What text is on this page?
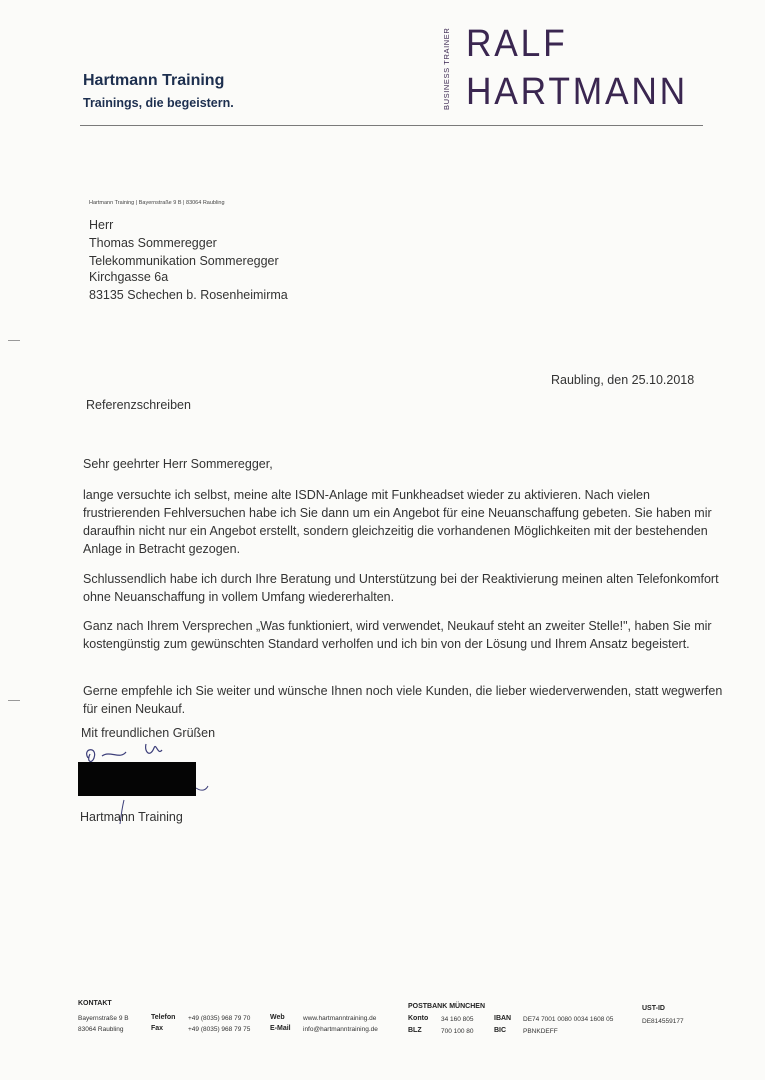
Hartmann Training
Trainings, die begeistern.	BUSINESS TRAINER RALF
HARTMANN
Hartmann Training | Bayernstraße 9 B | 83064 Raubling
Herr
Thomas Sommeregger
Telekommunikation Sommeregger
Kirchgasse 6a
83135 Schechen b. Rosenheimirma
Raubling, den 25.10.2018
Referenzschreiben
Sehr geehrter Herr Sommeregger,
lange versuchte ich selbst, meine alte ISDN-Anlage mit Funkheadset wieder zu aktivieren. Nach vielen frustrierenden Fehlversuchen habe ich Sie dann um ein Angebot für eine Neuanschaffung gebeten. Sie haben mir daraufhin nicht nur ein Angebot erstellt, sondern gleichzeitig die vorhandenen Möglichkeiten mit der bestehenden Anlage in Betracht gezogen.
Schlussendlich habe ich durch Ihre Beratung und Unterstützung bei der Reaktivierung meinen alten Telefonkomfort ohne Neuanschaffung in vollem Umfang wiedererhalten.
Ganz nach Ihrem Versprechen „Was funktioniert, wird verwendet, Neukauf steht an zweiter Stelle!", haben Sie mir kostengünstig zum gewünschten Standard verholfen und ich bin von der Lösung und Ihrem Ansatz begeistert.
Gerne empfehle ich Sie weiter und wünsche Ihnen noch viele Kunden, die lieber wiederverwenden, statt wegwerfen für einen Neukauf.
Mit freundlichen Grüßen
Hartmann Training
KONTAKT
Bayernstraße 9 B
83064 Raubling
Telefon +49 (8035) 968 79 70
Fax	+49 (8035) 968 79 75
Web	www.hartmanntraining.de
E-Mail info@hartmanntraining.de
POSTBANK MÜNCHEN
Konto 34 160 805
BLZ	700 100 80
IBAN DE74 7001 0080 0034 1608 05
BIC	PBNKDEFF
UST-ID
DE814559177
